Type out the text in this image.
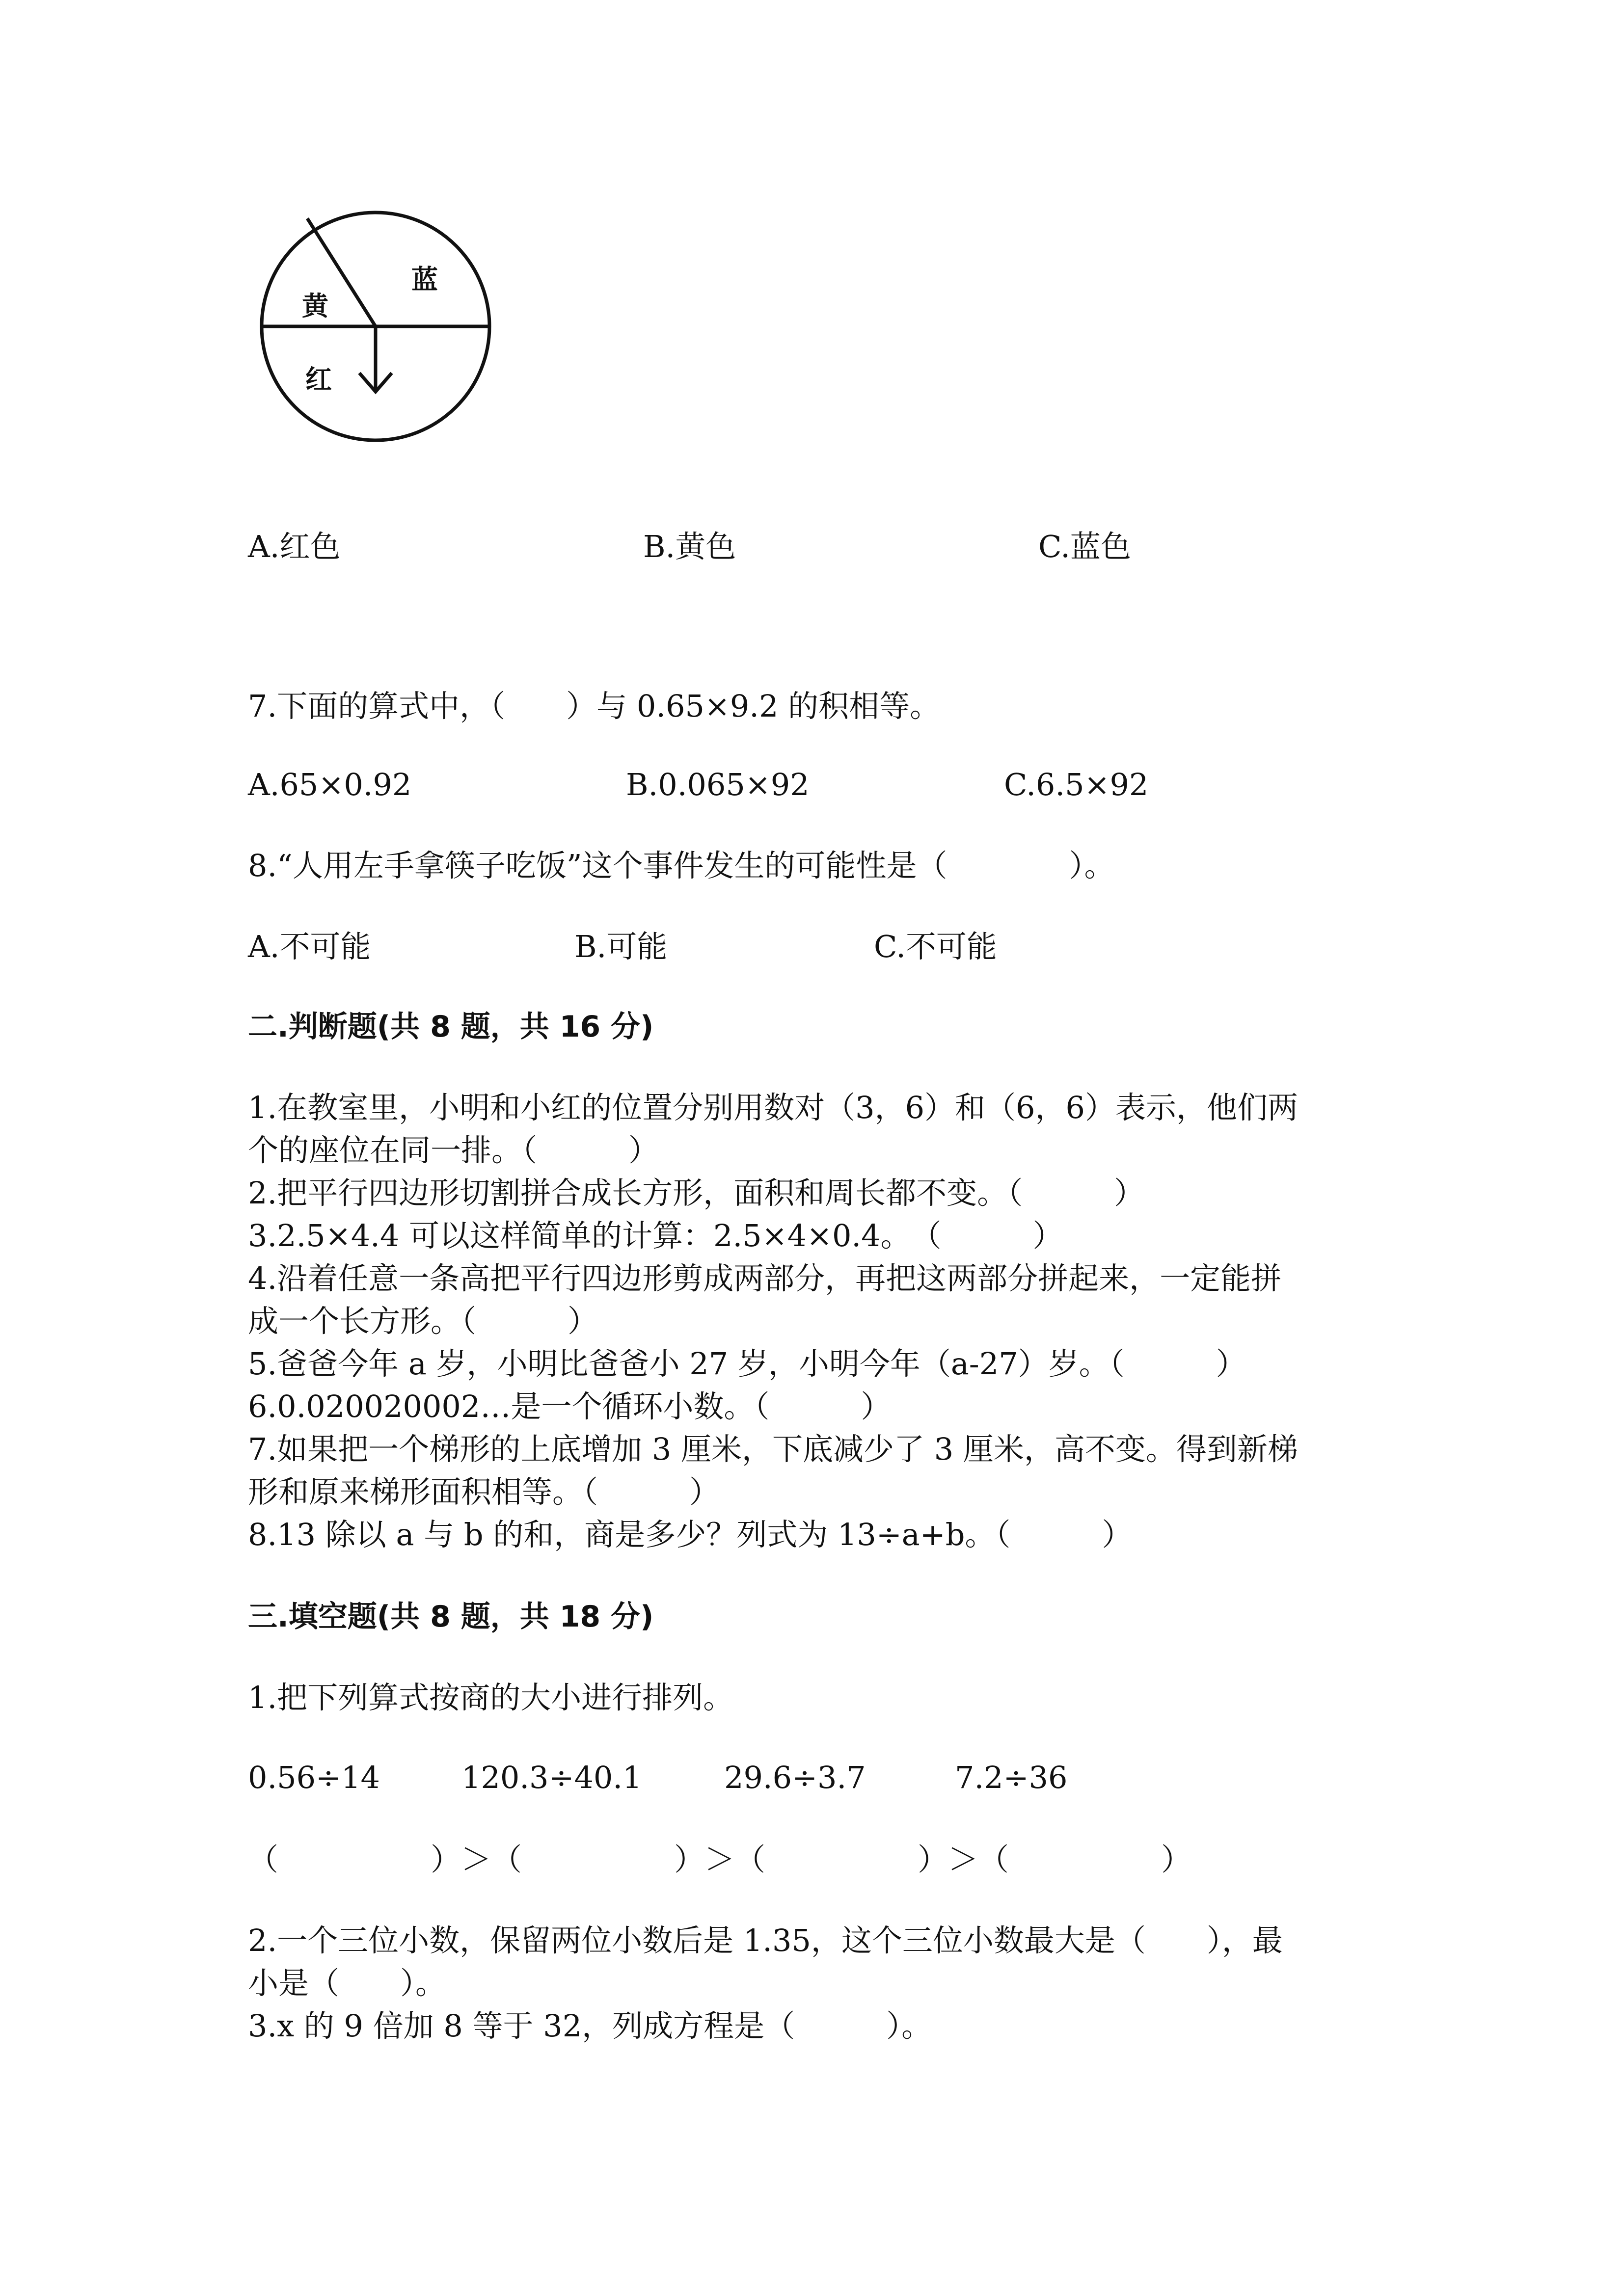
黄
蓝
红
A.红色	B.黄色	C.蓝色
7.下面的算式中，（　　）与 0.65×9.2 的积相等。
A.65×0.92	B.0.065×92	C.6.5×92
8.“人用左手拿筷子吃饭”这个事件发生的可能性是（　　　　）。
A.不可能	B.可能	C.不可能
二.判断题(共 8 题，共 16 分)
1.在教室里，小明和小红的位置分别用数对（3，6）和（6，6）表示，他们两
个的座位在同一排。（　　　）
2.把平行四边形切割拼合成长方形，面积和周长都不变。（　　　）
3.2.5×4.4 可以这样简单的计算：2.5×4×0.4。　（　　　）
4.沿着任意一条高把平行四边形剪成两部分，再把这两部分拼起来，一定能拼
成一个长方形。（　　　）
5.爸爸今年 a 岁，小明比爸爸小 27 岁，小明今年（a-27）岁。（　　　）
6.0.020020002…是一个循环小数。（　　　）
7.如果把一个梯形的上底增加 3 厘米，下底减少了 3 厘米，高不变。得到新梯
形和原来梯形面积相等。（　　　）
8.13 除以 a 与 b 的和，商是多少？列式为 13÷a+b。（　　　）
三.填空题(共 8 题，共 18 分)
1.把下列算式按商的大小进行排列。
0.56÷14	120.3÷40.1	29.6÷3.7	7.2÷36
（　　　　　）＞（　　　　　）＞（　　　　　）＞（　　　　　）
2.一个三位小数，保留两位小数后是 1.35，这个三位小数最大是（　　），最
小是（　　）。
3.x 的 9 倍加 8 等于 32，列成方程是（　　　）。
